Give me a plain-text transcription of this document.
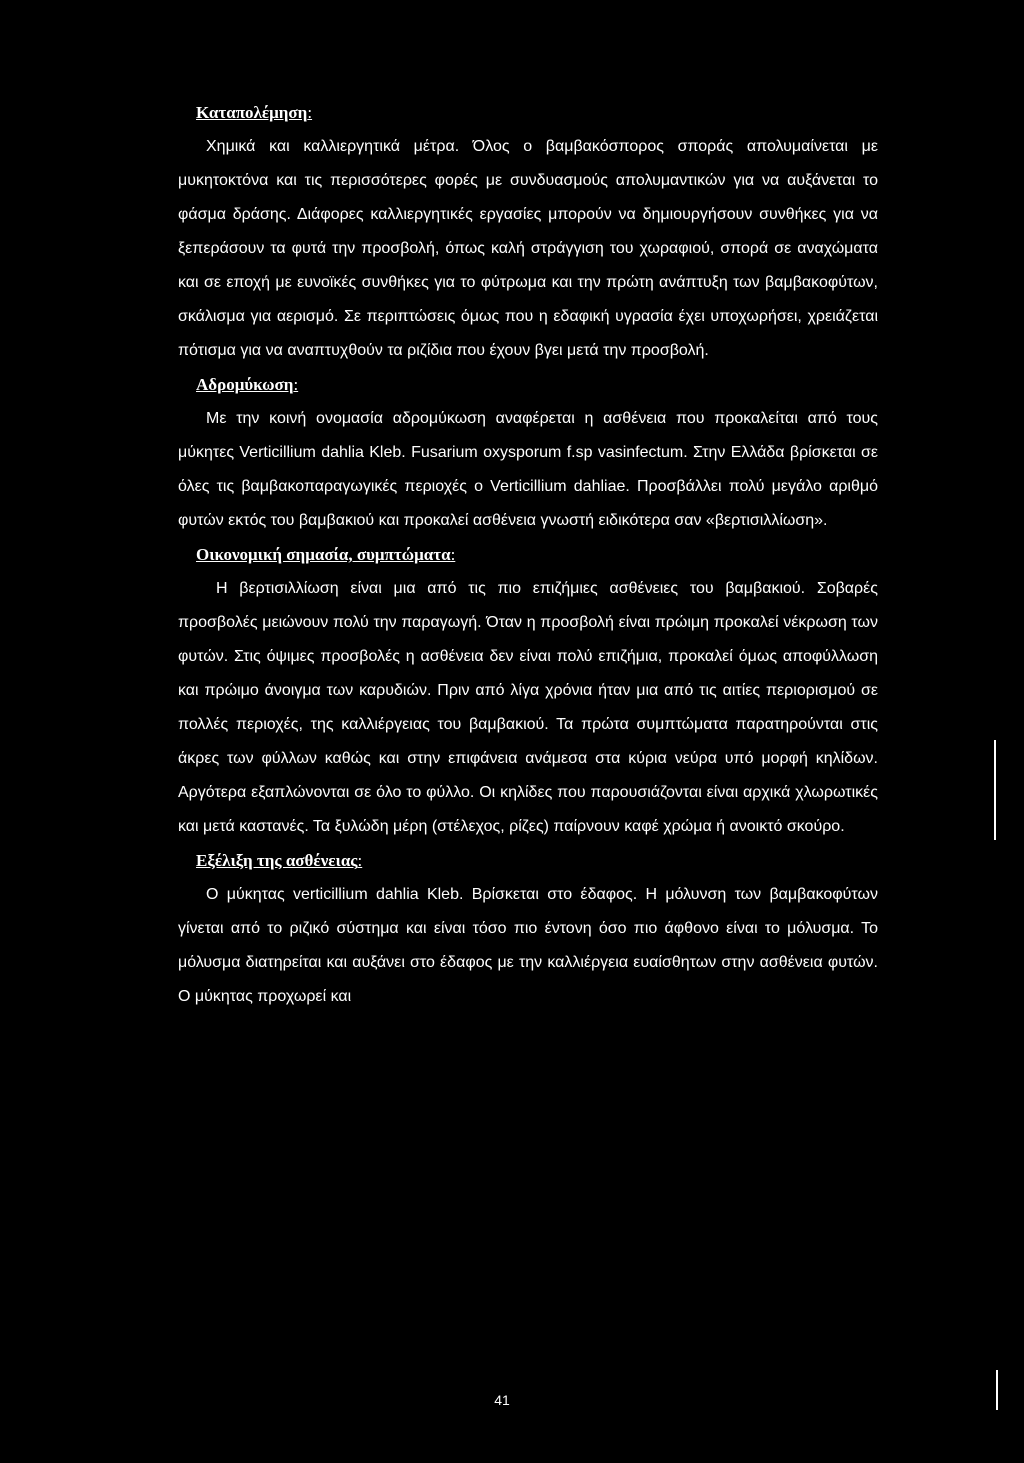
Καταπολέμηση:

Χημικά και καλλιεργητικά μέτρα. Όλος ο βαμβακόσπορος σποράς απολυμαίνεται με μυκητοκτόνα και τις περισσότερες φορές με συνδυασμούς απολυμαντικών για να αυξάνεται το φάσμα δράσης. Διάφορες καλλιεργητικές εργασίες μπορούν να δημιουργήσουν συνθήκες για να ξεπεράσουν τα φυτά την προσβολή, όπως καλή στράγγιση του χωραφιού, σπορά σε αναχώματα και σε εποχή με ευνοϊκές συνθήκες για το φύτρωμα και την πρώτη ανάπτυξη των βαμβακοφύτων, σκάλισμα για αερισμό. Σε περιπτώσεις όμως που η εδαφική υγρασία έχει υποχωρήσει, χρειάζεται πότισμα για να αναπτυχθούν τα ριζίδια που έχουν βγει μετά την προσβολή.

Αδρομύκωση:

Με την κοινή ονομασία αδρομύκωση αναφέρεται η ασθένεια που προκαλείται από τους μύκητες Verticillium dahlia Kleb. Fusarium oxysporum f.sp vasinfectum. Στην Ελλάδα βρίσκεται σε όλες τις βαμβακοπαραγωγικές περιοχές ο Verticillium dahliae. Προσβάλλει πολύ μεγάλο αριθμό φυτών εκτός του βαμβακιού και προκαλεί ασθένεια γνωστή ειδικότερα σαν «βερτισιλλίωση».

Οικονομική σημασία, συμπτώματα:

Η βερτισιλλίωση είναι μια από τις πιο επιζήμιες ασθένειες του βαμβακιού. Σοβαρές προσβολές μειώνουν πολύ την παραγωγή. Όταν η προσβολή είναι πρώιμη προκαλεί νέκρωση των φυτών. Στις όψιμες προσβολές η ασθένεια δεν είναι πολύ επιζήμια, προκαλεί όμως αποφύλλωση και πρώιμο άνοιγμα των καρυδιών. Πριν από λίγα χρόνια ήταν μια από τις αιτίες περιορισμού σε πολλές περιοχές, της καλλιέργειας του βαμβακιού. Τα πρώτα συμπτώματα παρατηρούνται στις άκρες των φύλλων καθώς και στην επιφάνεια ανάμεσα στα κύρια νεύρα υπό μορφή κηλίδων. Αργότερα εξαπλώνονται σε όλο το φύλλο. Οι κηλίδες που παρουσιάζονται είναι αρχικά χλωρωτικές και μετά καστανές. Τα ξυλώδη μέρη (στέλεχος, ρίζες) παίρνουν καφέ χρώμα ή ανοικτό σκούρο.

Εξέλιξη της ασθένειας:

Ο μύκητας verticillium dahlia Kleb. Βρίσκεται στο έδαφος. Η μόλυνση των βαμβακοφύτων γίνεται από το ριζικό σύστημα και είναι τόσο πιο έντονη όσο πιο άφθονο είναι το μόλυσμα. Το μόλυσμα διατηρείται και αυξάνει στο έδαφος με την καλλιέργεια ευαίσθητων στην ασθένεια φυτών. Ο μύκητας προχωρεί και

41
